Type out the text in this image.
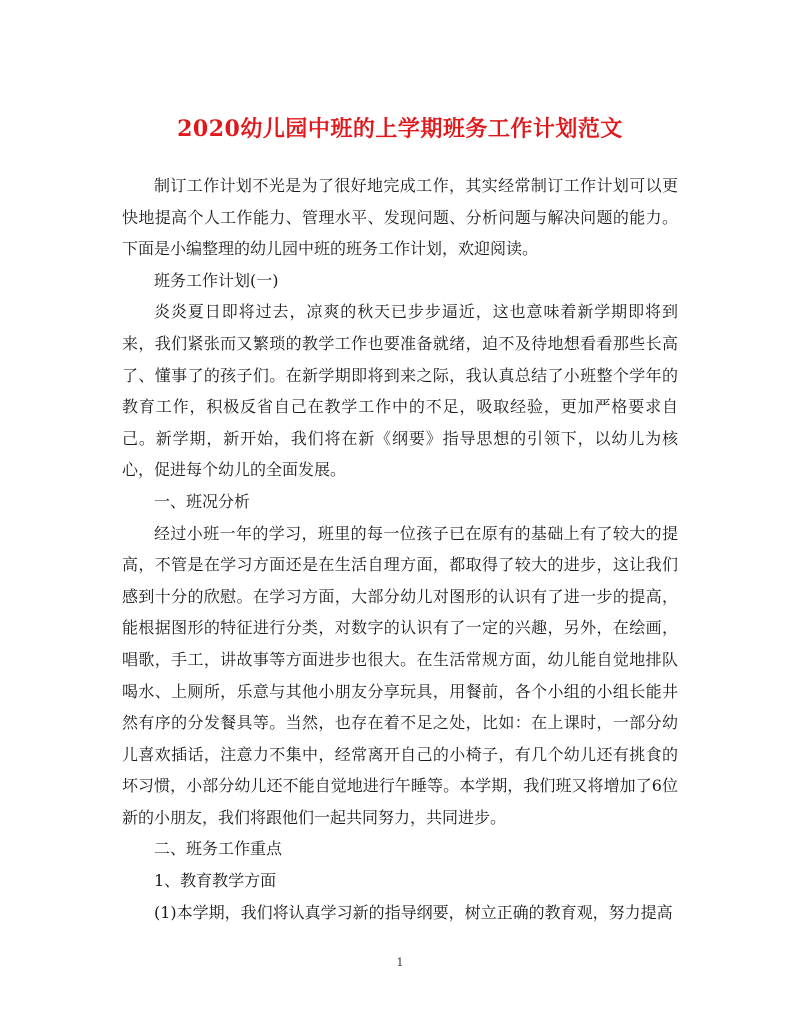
2020幼儿园中班的上学期班务工作计划范文

制订工作计划不光是为了很好地完成工作，其实经常制订工作计划可以更快地提高个人工作能力、管理水平、发现问题、分析问题与解决问题的能力。下面是小编整理的幼儿园中班的班务工作计划，欢迎阅读。

班务工作计划(一)

炎炎夏日即将过去，凉爽的秋天已步步逼近，这也意味着新学期即将到来，我们紧张而又繁琐的教学工作也要准备就绪，迫不及待地想看看那些长高了、懂事了的孩子们。在新学期即将到来之际，我认真总结了小班整个学年的教育工作，积极反省自己在教学工作中的不足，吸取经验，更加严格要求自己。新学期，新开始，我们将在新《纲要》指导思想的引领下，以幼儿为核心，促进每个幼儿的全面发展。

一、班况分析

经过小班一年的学习，班里的每一位孩子已在原有的基础上有了较大的提高，不管是在学习方面还是在生活自理方面，都取得了较大的进步，这让我们感到十分的欣慰。在学习方面，大部分幼儿对图形的认识有了进一步的提高，能根据图形的特征进行分类，对数字的认识有了一定的兴趣，另外，在绘画，唱歌，手工，讲故事等方面进步也很大。在生活常规方面，幼儿能自觉地排队喝水、上厕所，乐意与其他小朋友分享玩具，用餐前，各个小组的小组长能井然有序的分发餐具等。当然，也存在着不足之处，比如：在上课时，一部分幼儿喜欢插话，注意力不集中，经常离开自己的小椅子，有几个幼儿还有挑食的坏习惯，小部分幼儿还不能自觉地进行午睡等。本学期，我们班又将增加了6位新的小朋友，我们将跟他们一起共同努力，共同进步。

二、班务工作重点

1、教育教学方面

(1)本学期，我们将认真学习新的指导纲要，树立正确的教育观，努力提高

1
